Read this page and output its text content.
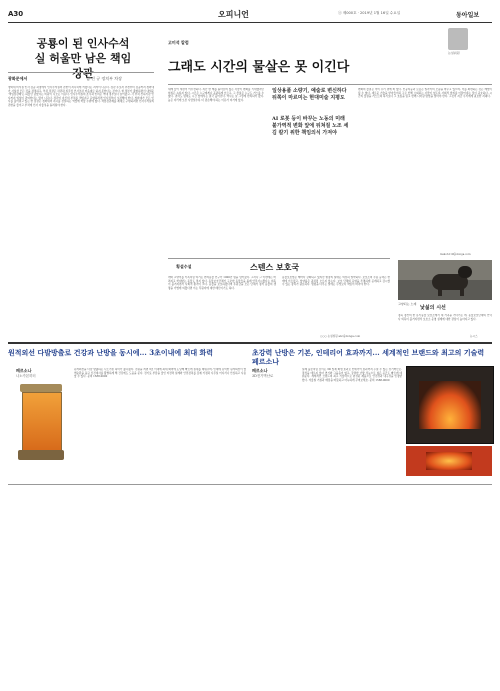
A30	오피니언	ⓐ 제000호 · 2019년 1월 16일 수요일	동아일보
공룡이 된 인사수석실 허울만 남은 책임장관
광화문에서	김 진 규 정치부 차장
청와대 비서실 인사 검증 과정에서 인사수석실의 권한이 지나치게 커졌다는 지적이 나온다. 장관 후보자 추천부터 검증까지 청와대가 사실상 모든 것을 결정하고, 부처 장관은 차관과 실국장 인사조차 마음대로 하지 못한다는 것이다. 현 정부가 출범하면서 내세운 '책임장관제'는 허울만 남았다는 비판이 나오는 이유다. 인사수석실의 조직과 인력은 역대 정부보다 늘어났고, 각 부처 산하기관 인사까지 일일이 관여한다는 말이 나온다. 장관이 자신의 부처를 책임지고 운영하려면 인사권부터 보장해야 한다. 청와대가 모든 인사를 틀어쥐고 있는 한 장관은 청와대의 지시를 전달하는 역할에 머물 수밖에 없다. 책임장관제를 제대로 구현하려면 인사수석실의 권한을 줄이고 부처에 인사 자율성을 돌려줘야 한다.
고미석 칼럼
논설위원
그래도 시간의 물살은 못 이긴다
새해 들어 세상이 어수선하다. 지난 한 해를 돌아보며 많은 사람이 변화를 기대했지만 현실은 녹록지 않다. 시간은 누구에게나 공평하게 흐르고, 그 물살은 누구도 거스를 수 없다. 권력도 명예도 시간 앞에서는 결국 흩어진다. 역사는 늘 그렇게 반복되어 왔다. 높은 자리에 오른 사람일수록 더 겸손해야 하는 이유가 여기에 있다.
일상용품 소량기, 예술로 변신하다 뒤쪽이 마르미는 현대미술 지평도
AI 로봇 등이 바꾸는 노동의 미래 불가역적 변화 앞에 뒤쳐질 노조 세 김 칼기 위한 책임의식 가져야
변화의 물결은 이미 우리 곁에 와 있다. 인공지능과 로봇은 일자리의 모습을 바꾸고 있으며, 이를 외면하는 것은 해법이 될 수 없다. 새로운 기술을 받아들이되 그로 인해 소외되는 사람이 없도록 사회적 합의를 이끌어내는 것이 중요하다. 시간의 물살을 거스르려 하기보다 그 흐름을 읽고 함께 나아갈 방법을 찾아야 한다. 그것이 지금 우리에게 필요한 지혜다.
mskoh119@donga.com
횡설수설	스텐스 보호국
개와 고양이를 가족처럼 여기는 반려동물 인구가 1000만 명을 넘어섰다. 그러나 그 이면에는 버려지고 학대받는 동물도 적지 않다. 동물보호단체가 구조한 동물들을 몰래 안락사시켰다는 의혹이 불거지면서 사회적 충격이 크다. 동물을 보호하겠다며 후원금을 모은 단체가 정작 동물의 생명을 가볍게 여겼다면 이는 후원자에 대한 배신이기도 하다.
동물보호법은 해마다 강화되고 있지만 현장의 실태는 여전히 열악하다. 보호소의 수용 능력은 한계에 이르렀고, 입양률은 좀처럼 오르지 않는다. 보호 단체의 운영을 투명하게 공개하고 감시할 수 있는 장치가 필요하다. 생명을 다루는 일에는 무엇보다 책임이 따라야 한다.
○○○ 논설위원 abc@donga.com
고양되는 노래
낯섦의 시선
경북 경산의 한 유기동물 보호소에서 새 가족을 기다리는 개. 동물보호단체의 안락사 의혹이 불거지면서 보호소 운영 실태에 대한 관심이 높아지고 있다.
뉴시스
원적외선 다발방출로 건강과 난방을 동시에... 3초이내에 최대 화력
페르소나
나노카본히터
원적외선을 다량 방출하는 나노카본 히터가 출시됐다. 전원을 켜면 3초 이내에 최대 화력에 도달해 빠르게 실내를 데워주며, 인체에 유익한 원적외선이 혈액순환을 돕고 신진대사를 활발하게 해 건강에도 도움을 준다. 전기료 부담을 줄인 저전력 설계와 안전장치를 갖춰 가정과 사무실 어디서나 안심하고 사용할 수 있다. 문의 1588-0000
초강력 난방은 기본, 인테리어 효과까지... 세계적인 브랜드와 최고의 기술력 페르소나
페르소나
3D전기벽난로
실제 불꽃처럼 보이는 3D 입체 화염 효과로 인테리어 효과까지 누릴 수 있는 전기벽난로. 장작을 태우지 않아 연기와 그을음이 없고, 강력한 난방 성능으로 넓은 공간도 빠르게 데워준다. 세계적인 브랜드의 최고 기술력으로 완성된 제품으로 안전성과 내구성을 인정받았다. 겨울철 거실과 매장을 따뜻하고 아늑하게 꾸며보세요. 문의 1588-0000
